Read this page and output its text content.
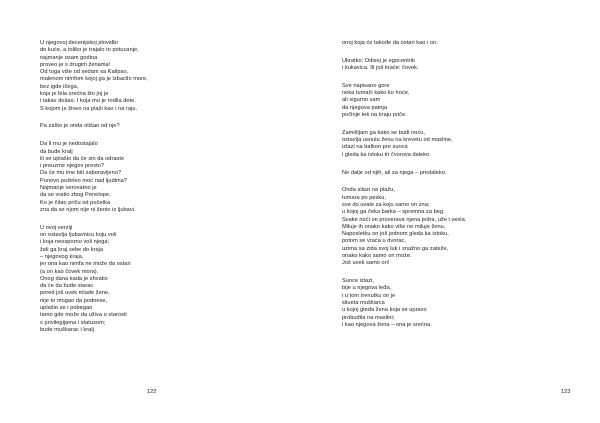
U njegovoj decenijskoj plovidbi
do kuće, a toliko je trajalo to potucanje,
najmanje osam godina
proveo je s drugim ženama!
Od toga više od sedam sa Kalipso,
malenom nimfom kojoj ga je izbacilo more,
bez igde ičega,
koja je bila srećna što joj je
i takav došao. I koja mu je rodila dete.
S kojom je živeo na plaži kao i na raju.
Pa zašto je ondа otišao od nje?
Da li mu je nedostajalo
da bude kralj
ili se uplašio da će sin da odraste
i preuzme njegov presto?
Da će mu ime biti zaboravljeno?
Ponovo poželeo moć nad ljudima?
Najmanje verovatno je
da se vratio zbog Penelope.
Ko je čitao priču od početka
zna da se njom nije ni ženio iz ljubavi.
U ovoj verziji
on ostavlja ljubavnicu koju voli
i koja neosporno voli njega;
želi ga kraj sebe do kraja
– njegovog kraja,
jer ona kao nimfa ne može da ostari
(a on kao čovek mora).
Onog dana kada je shvatio
da će da bude starac
pored još uvek mlade žene,
nije to mogao da podnese,
uplašio se i pobegao
tamo gde može da uživa u starosti
s privilegijama i statusom;
bude muškarac i kralj
122
onoj koja će takođe da ostari kao i on.
Ukratko: Odisej je egocentrik
i kukavica. Ili još kraće: čovek.
Sve napisano gore
neka tumači kako ko hoće,
ali sigurno sam
da njegova patnja
počinje tek na kraju priče.
Zamišljam ga kako se budi noću,
ostavlja usnulu ženu na krevetu od masline,
izlazi na balkon pre sunca
i gleda ka istoku tri čvorova daleko.
Ne dalje od njih, ali za njega – predaleko.
Onda silazi na plažu,
tumara po pesku,
sve do uvale za koju samo on zna;
u kojoj ga čeka barka – spremna za beg.
Svake noći on proverava njena jedra, uže i vesla.
Miluje ih onako kako više ne miluje ženu.
Naposletku on još jednom gleda ka istoku,
potom se vraća u dvorac,
uzima sa zida svoj luk i snažno ga zateže,
onako kako samo on može.
Još uvek samo on!
Sunce izlazi,
bije u njegova leđa,
i u tom trenutku on je
silueta muškarca
u kojoj gleda žena koja se upravo
probudila na maslini;
i kao njegova žena – ona je srećna.
123
